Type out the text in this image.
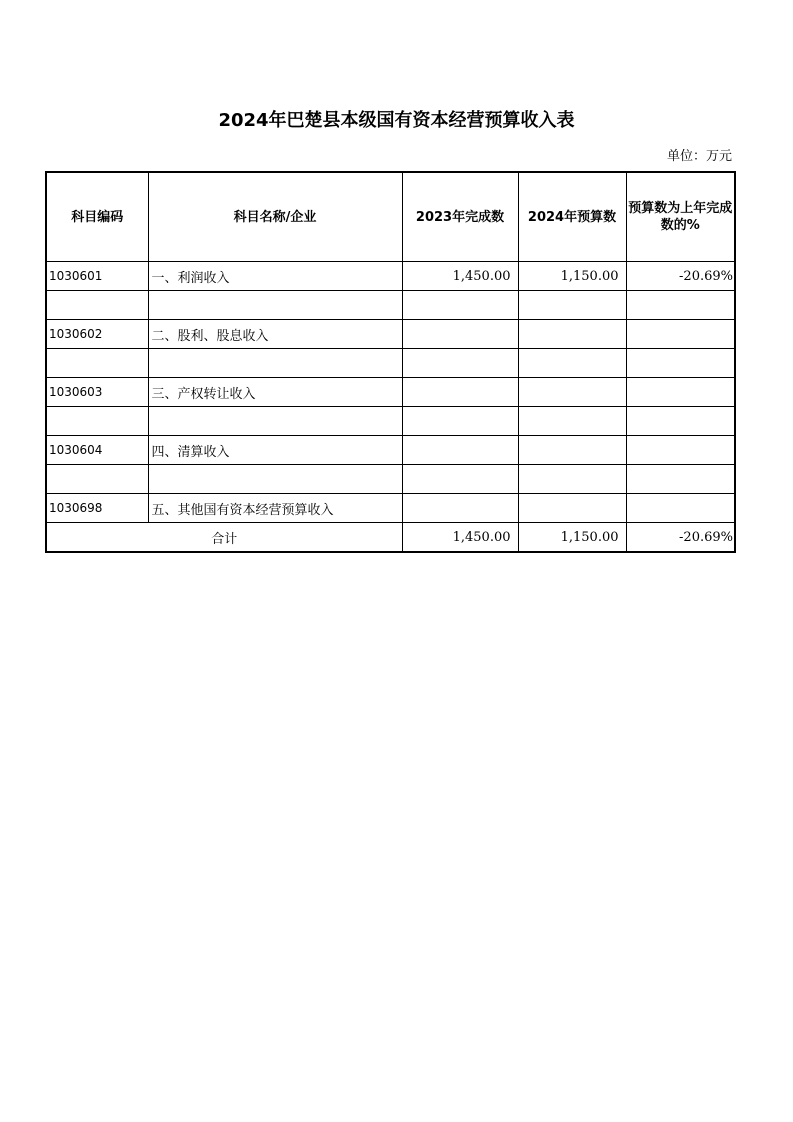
2024年巴楚县本级国有资本经营预算收入表
单位：万元
科目编码	科目名称/企业	2023年完成数	2024年预算数	预算数为上年完成数的%
1030601	一、利润收入	1,450.00	1,150.00	-20.69%

1030602	二、股利、股息收入			

1030603	三、产权转让收入			

1030604	四、清算收入			

1030698	五、其他国有资本经营预算收入			
合计		1,450.00	1,150.00	-20.69%
